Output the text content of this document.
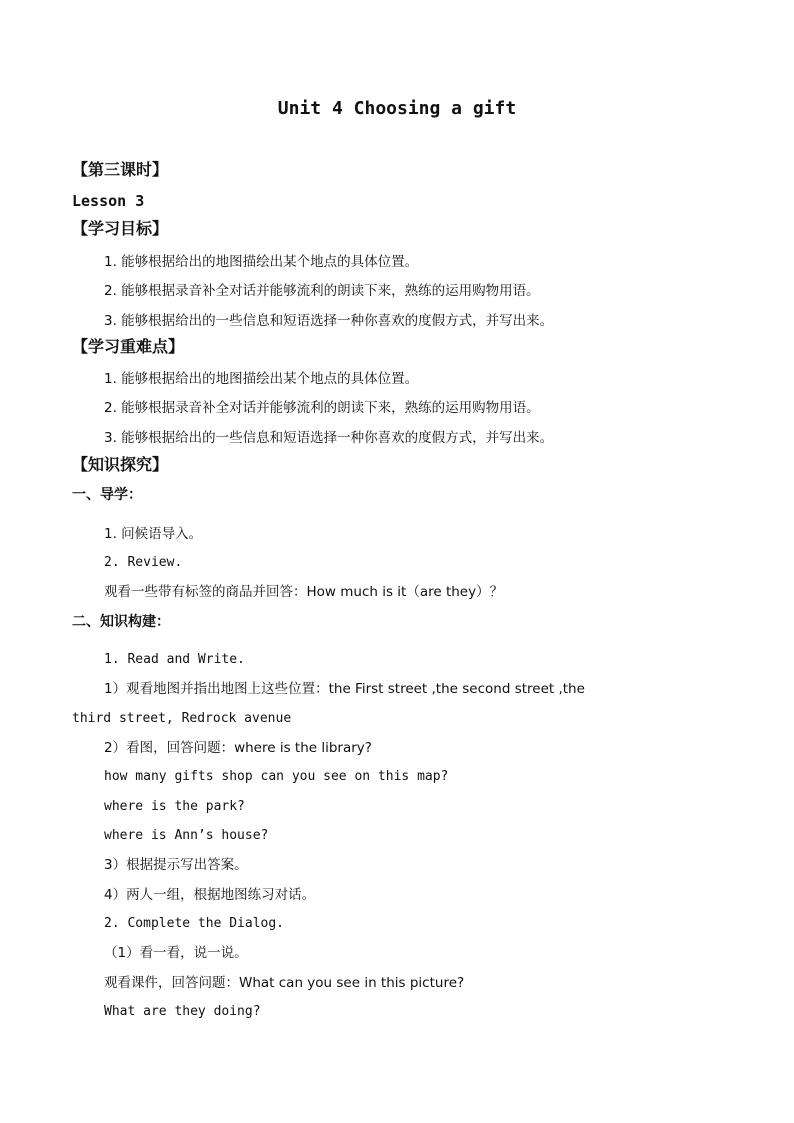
Unit 4 Choosing a gift
【第三课时】
Lesson 3
【学习目标】
1. 能够根据给出的地图描绘出某个地点的具体位置。
2. 能够根据录音补全对话并能够流利的朗读下来，熟练的运用购物用语。
3. 能够根据给出的一些信息和短语选择一种你喜欢的度假方式，并写出来。
【学习重难点】
1. 能够根据给出的地图描绘出某个地点的具体位置。
2. 能够根据录音补全对话并能够流利的朗读下来，熟练的运用购物用语。
3. 能够根据给出的一些信息和短语选择一种你喜欢的度假方式，并写出来。
【知识探究】
一、导学：
1. 问候语导入。
2. Review.
观看一些带有标签的商品并回答：How much is it（are they）？
二、知识构建：
1. Read and Write.
1）观看地图并指出地图上这些位置：the First street ,the second street ,the
third street, Redrock avenue
2）看图，回答问题：where is the library?
how many gifts shop can you see on this map?
where is the park?
where is Ann’s house?
3）根据提示写出答案。
4）两人一组，根据地图练习对话。
2. Complete the Dialog.
（1）看一看，说一说。
观看课件，回答问题：What can you see in this picture?
What are they doing?
